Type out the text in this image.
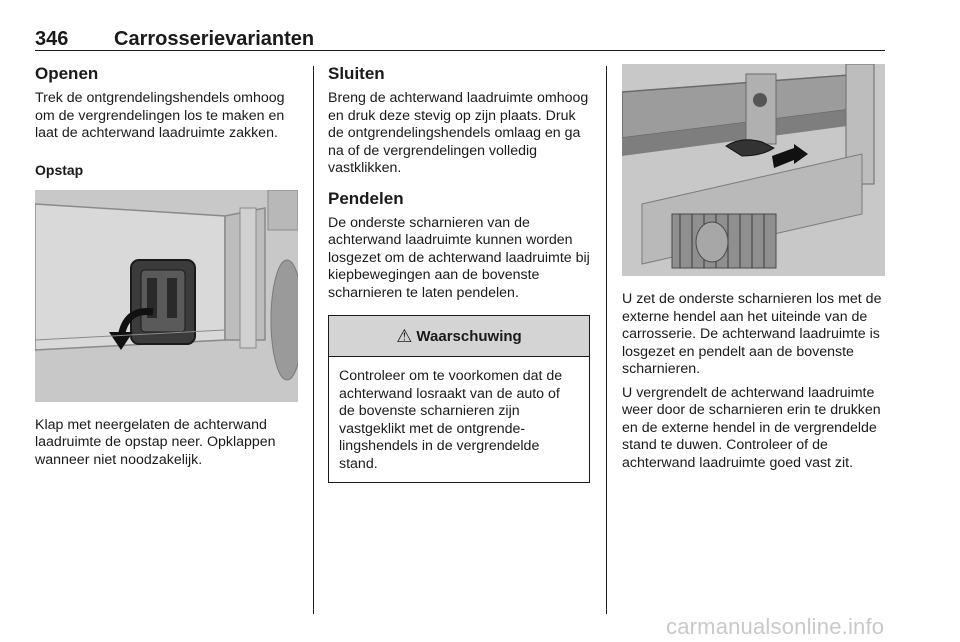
346 Carrosserievarianten
Openen

Trek de ontgrendelingshendels omhoog om de vergrendelingen los te maken en laat de achterwand laadruimte zakken.

Opstap

Klap met neergelaten de achterwand laadruimte de opstap neer. Opklappen wanneer niet noodzakelijk.

Sluiten

Breng de achterwand laadruimte omhoog en druk deze stevig op zijn plaats. Druk de ontgrendelingshendels omlaag en ga na of de vergrendelingen volledig vastklikken.

Pendelen

De onderste scharnieren van de achterwand laadruimte kunnen worden losgezet om de achterwand laadruimte bij kiepbewegingen aan de bovenste scharnieren te laten pendelen.

⚠ Waarschuwing

Controleer om te voorkomen dat de achterwand losraakt van de auto of de bovenste scharnieren zijn vastgeklikt met de ontgrendelingshendels in de vergrendelde stand.

U zet de onderste scharnieren los met de externe hendel aan het uiteinde van de carrosserie. De achterwand laadruimte is losgezet en pendelt aan de bovenste scharnieren.

U vergrendelt de achterwand laadruimte weer door de scharnieren erin te drukken en de externe hendel in de vergrendelde stand te duwen. Controleer of de achterwand laadruimte goed vast zit.

carmanualsonline.info
